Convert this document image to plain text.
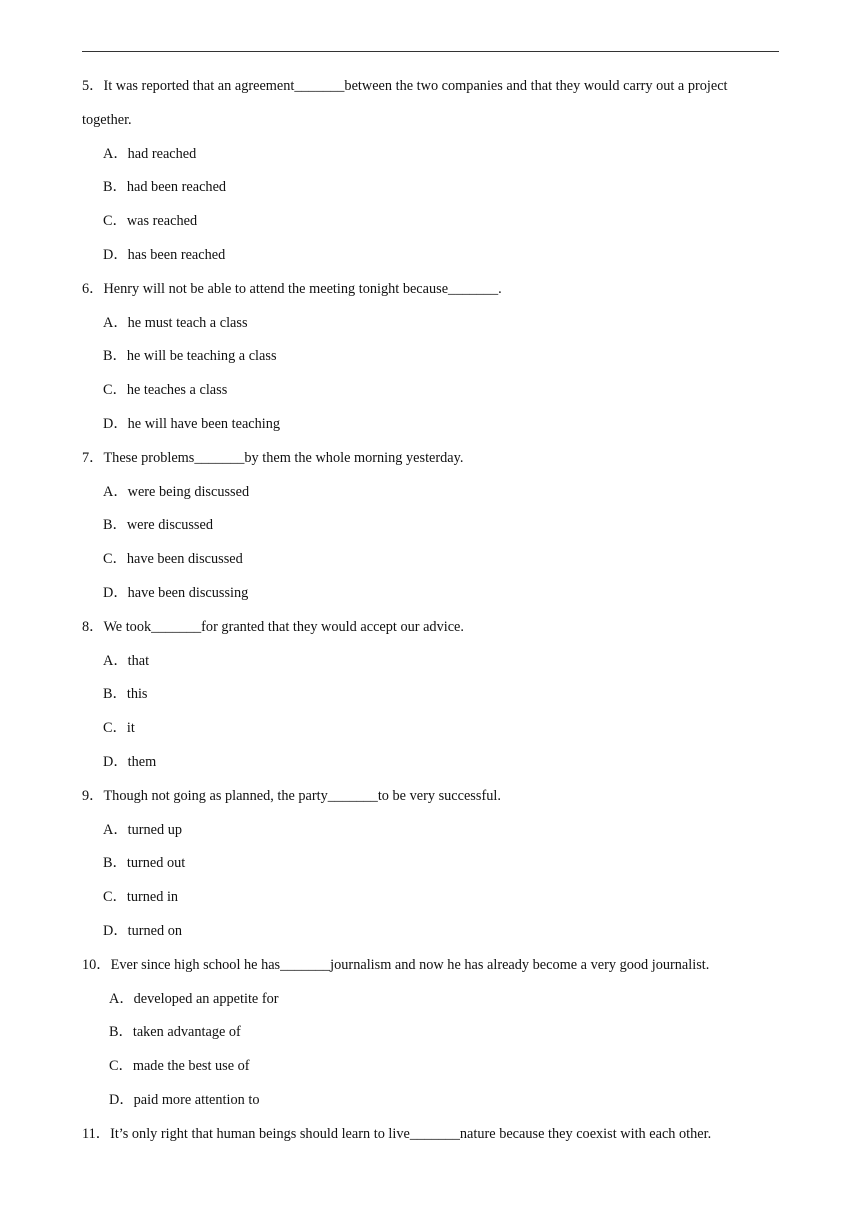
5．It was reported that an agreement_______between the two companies and that they would carry out a project
together.
A．had reached
B．had been reached
C．was reached
D．has been reached
6．Henry will not be able to attend the meeting tonight because_______.
A．he must teach a class
B．he will be teaching a class
C．he teaches a class
D．he will have been teaching
7．These problems_______by them the whole morning yesterday.
A．were being discussed
B．were discussed
C．have been discussed
D．have been discussing
8．We took_______for granted that they would accept our advice.
A．that
B．this
C．it
D．them
9．Though not going as planned, the party_______to be very successful.
A．turned up
B．turned out
C．turned in
D．turned on
10．Ever since high school he has_______journalism and now he has already become a very good journalist.
A．developed an appetite for
B．taken advantage of
C．made the best use of
D．paid more attention to
11．It’s only right that human beings should learn to live_______nature because they coexist with each other.
